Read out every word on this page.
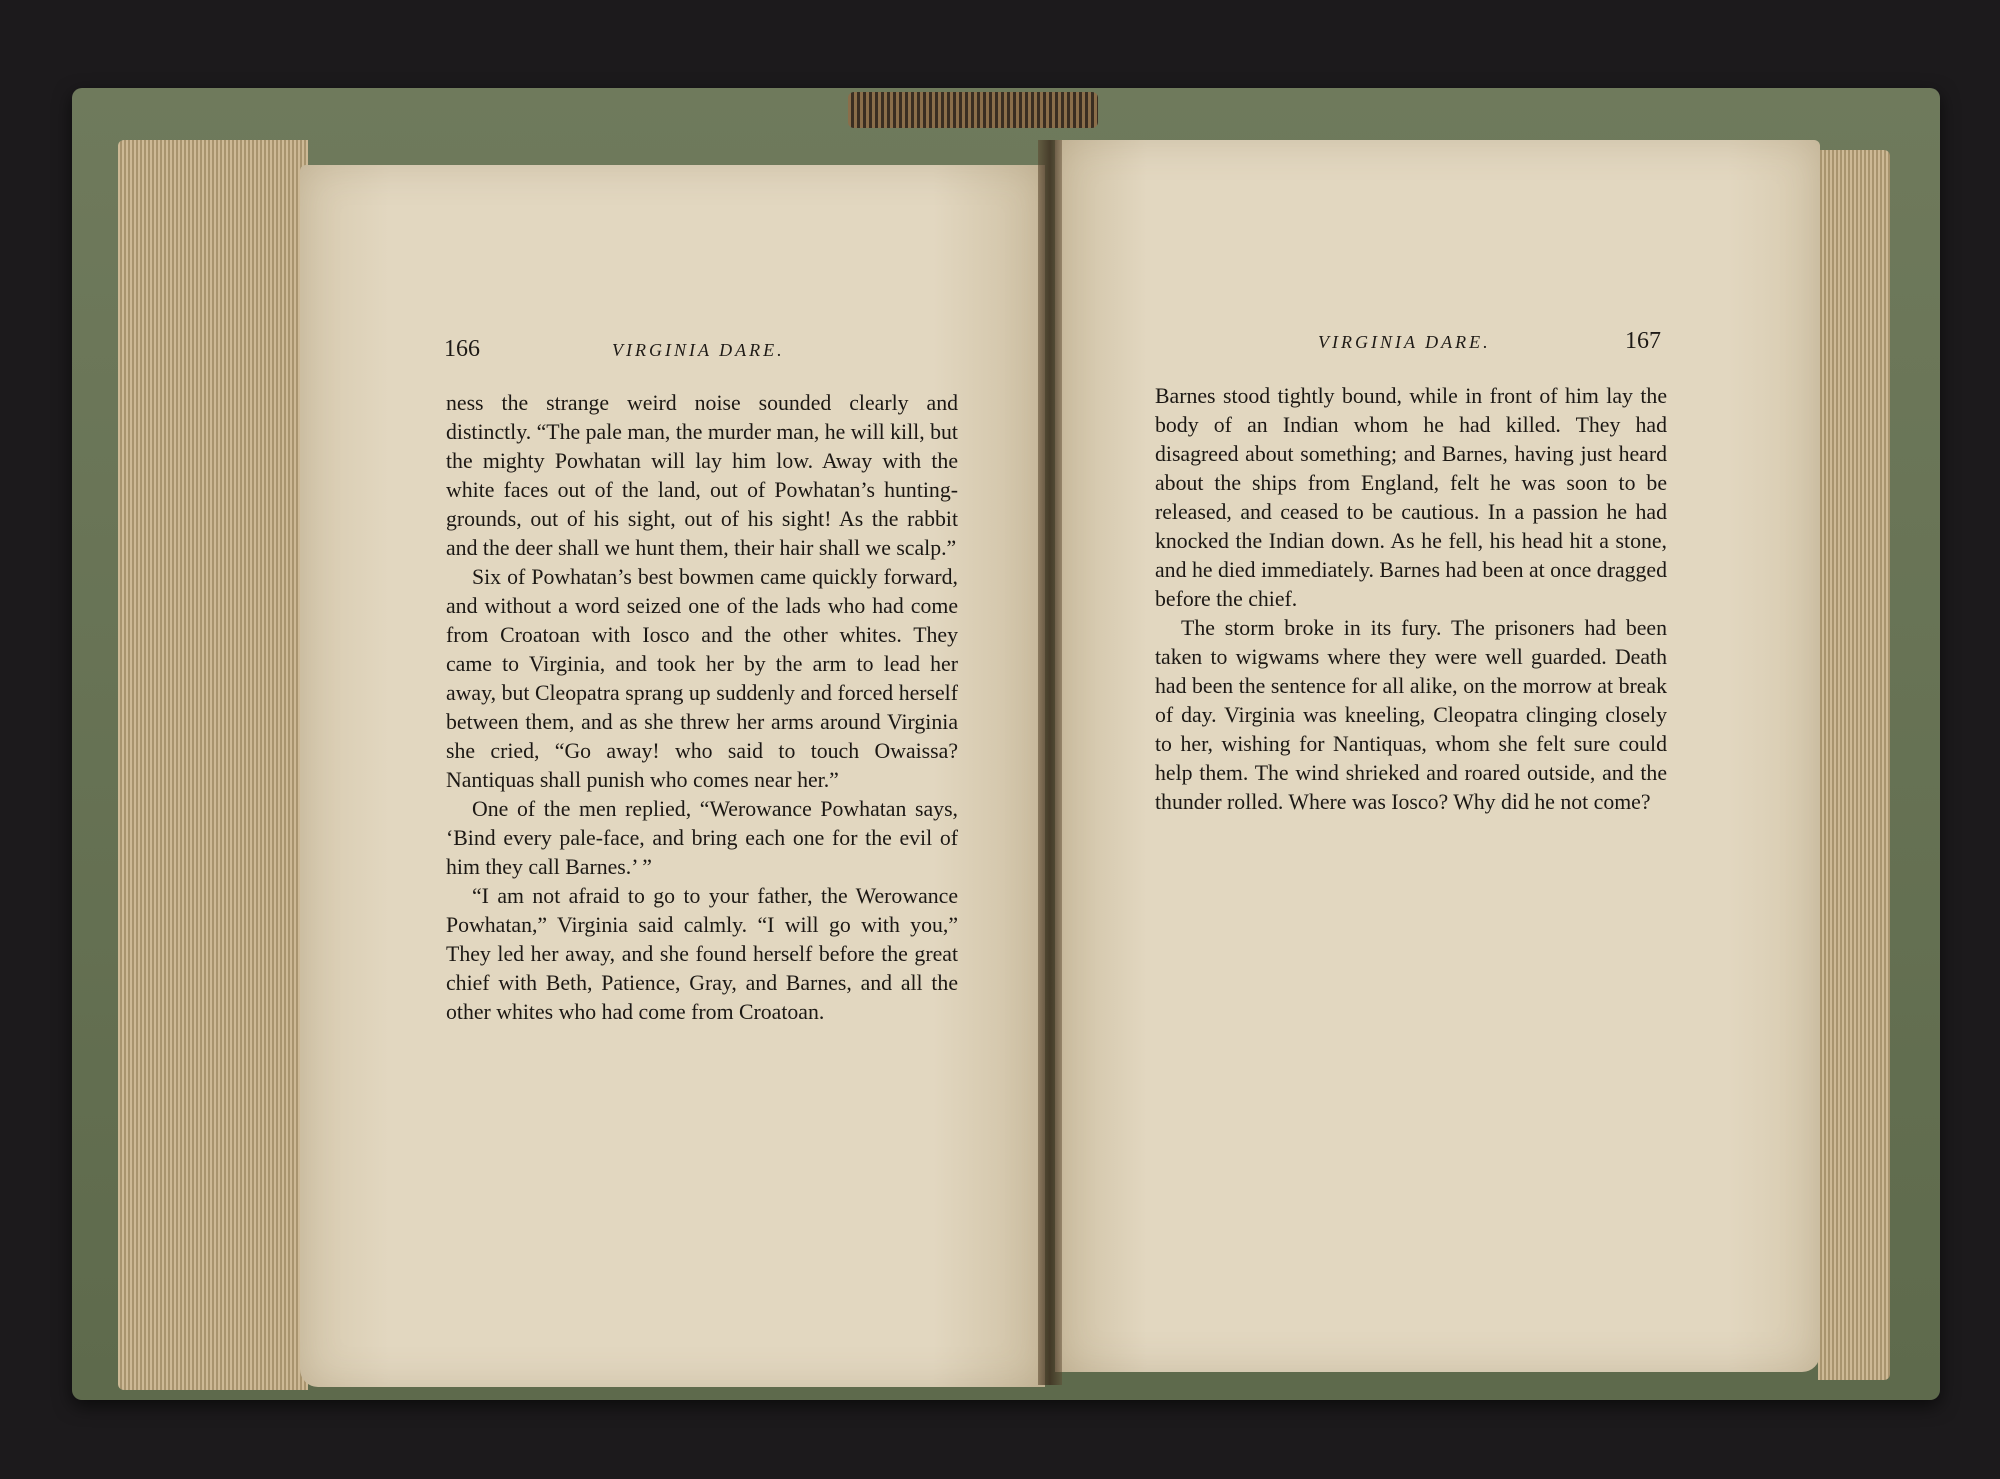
166	VIRGINIA DARE.

ness the strange weird noise sounded clearly and distinctly. “The pale man, the murder man, he will kill, but the mighty Powhatan will lay him low. Away with the white faces out of the land, out of Powhatan’s hunting-grounds, out of his sight, out of his sight! As the rabbit and the deer shall we hunt them, their hair shall we scalp.”

Six of Powhatan’s best bowmen came quickly forward, and without a word seized one of the lads who had come from Croatoan with Iosco and the other whites. They came to Virginia, and took her by the arm to lead her away, but Cleopatra sprang up suddenly and forced herself between them, and as she threw her arms around Virginia she cried, “Go away! who said to touch Owaissa? Nantiquas shall punish who comes near her.”

One of the men replied, “Werowance Powhatan says, ‘Bind every pale-face, and bring each one for the evil of him they call Barnes.’ ”

“I am not afraid to go to your father, the Werowance Powhatan,” Virginia said calmly. “I will go with you,” They led her away, and she found herself before the great chief with Beth, Patience, Gray, and Barnes, and all the other whites who had come from Croatoan.

VIRGINIA DARE.	167

Barnes stood tightly bound, while in front of him lay the body of an Indian whom he had killed. They had disagreed about something; and Barnes, having just heard about the ships from England, felt he was soon to be released, and ceased to be cautious. In a passion he had knocked the Indian down. As he fell, his head hit a stone, and he died immediately. Barnes had been at once dragged before the chief.

The storm broke in its fury. The prisoners had been taken to wigwams where they were well guarded. Death had been the sentence for all alike, on the morrow at break of day. Virginia was kneeling, Cleopatra clinging closely to her, wishing for Nantiquas, whom she felt sure could help them. The wind shrieked and roared outside, and the thunder rolled. Where was Iosco? Why did he not come?
